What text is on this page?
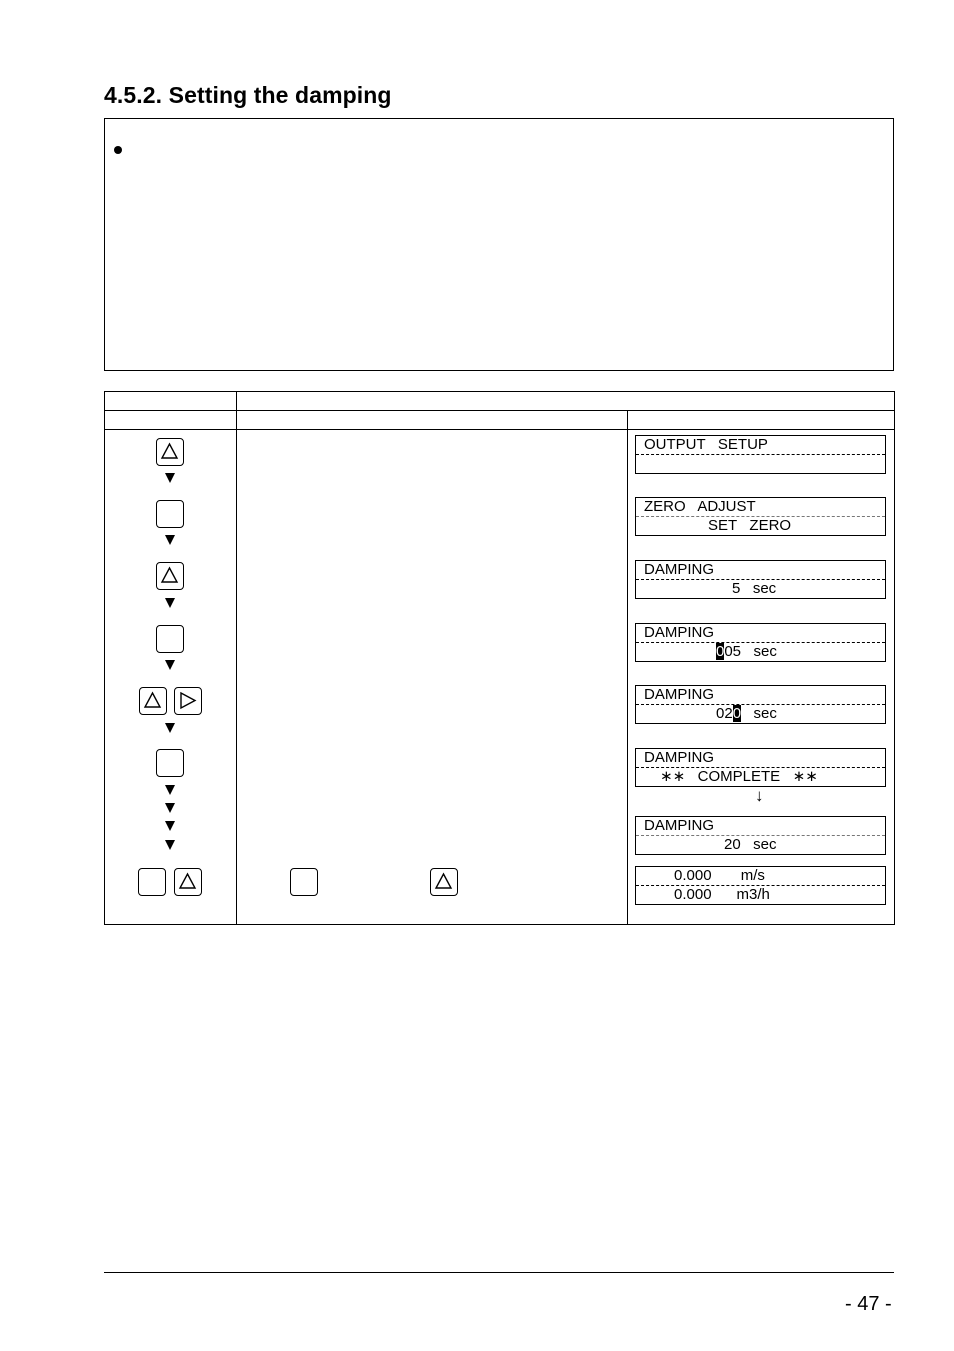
4.5.2. Setting the damping
OUTPUT   SETUP
ZERO   ADJUST
SET   ZERO
DAMPING
5   sec
DAMPING
005   sec
DAMPING
020   sec
DAMPING
∗∗   COMPLETE   ∗∗
↓
DAMPING
20   sec
0.000       m/s
0.000      m3/h
- 47 -
